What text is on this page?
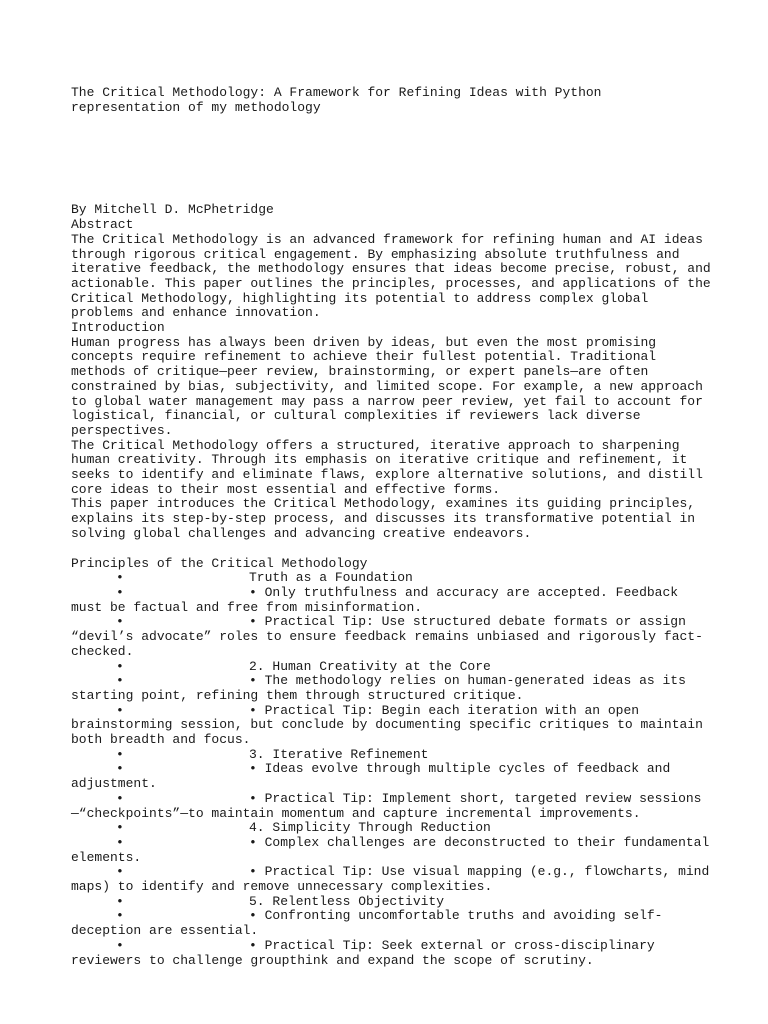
The Critical Methodology: A Framework for Refining Ideas with Python representation of my methodology

By Mitchell D. McPhetridge
Abstract
The Critical Methodology is an advanced framework for refining human and AI ideas through rigorous critical engagement. By emphasizing absolute truthfulness and iterative feedback, the methodology ensures that ideas become precise, robust, and actionable. This paper outlines the principles, processes, and applications of the Critical Methodology, highlighting its potential to address complex global problems and enhance innovation.
Introduction
Human progress has always been driven by ideas, but even the most promising concepts require refinement to achieve their fullest potential. Traditional methods of critique—peer review, brainstorming, or expert panels—are often constrained by bias, subjectivity, and limited scope. For example, a new approach to global water management may pass a narrow peer review, yet fail to account for logistical, financial, or cultural complexities if reviewers lack diverse perspectives.
The Critical Methodology offers a structured, iterative approach to sharpening human creativity. Through its emphasis on iterative critique and refinement, it seeks to identify and eliminate flaws, explore alternative solutions, and distill core ideas to their most essential and effective forms.
This paper introduces the Critical Methodology, examines its guiding principles, explains its step-by-step process, and discusses its transformative potential in solving global challenges and advancing creative endeavors.
Principles of the Critical Methodology
•	Truth as a Foundation
•	• Only truthfulness and accuracy are accepted. Feedback must be factual and free from misinformation.
•	• Practical Tip: Use structured debate formats or assign “devil’s advocate” roles to ensure feedback remains unbiased and rigorously fact-checked.
•	2. Human Creativity at the Core
•	• The methodology relies on human-generated ideas as its starting point, refining them through structured critique.
•	• Practical Tip: Begin each iteration with an open brainstorming session, but conclude by documenting specific critiques to maintain both breadth and focus.
•	3. Iterative Refinement
•	• Ideas evolve through multiple cycles of feedback and adjustment.
•	• Practical Tip: Implement short, targeted review sessions —“checkpoints”—to maintain momentum and capture incremental improvements.
•	4. Simplicity Through Reduction
•	• Complex challenges are deconstructed to their fundamental elements.
•	• Practical Tip: Use visual mapping (e.g., flowcharts, mind maps) to identify and remove unnecessary complexities.
•	5. Relentless Objectivity
•	• Confronting uncomfortable truths and avoiding self-deception are essential.
•	• Practical Tip: Seek external or cross-disciplinary reviewers to challenge groupthink and expand the scope of scrutiny.
